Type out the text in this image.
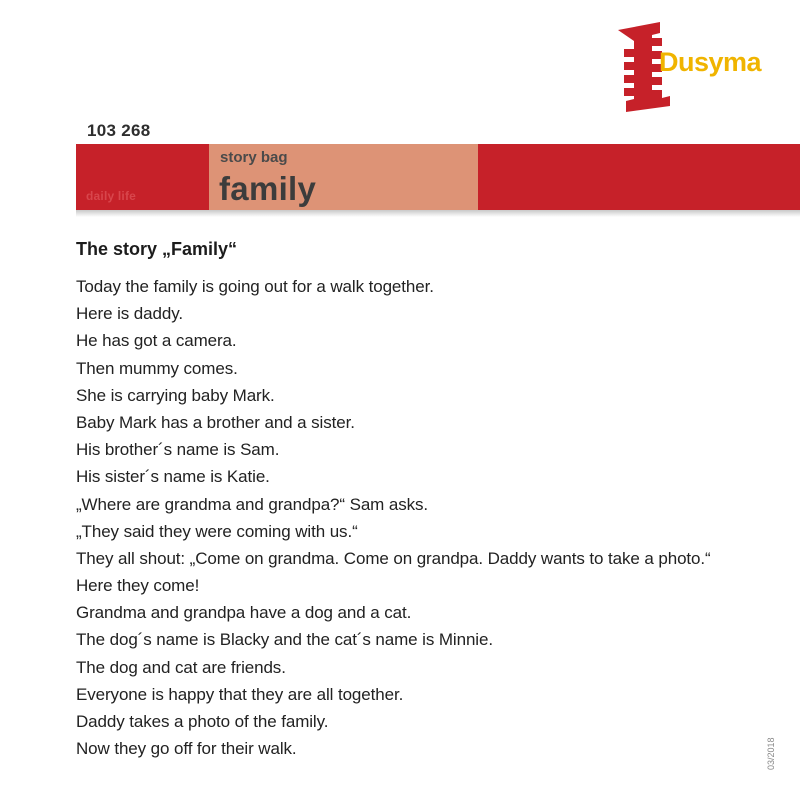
Dusyma
103 268
daily life
story bag
family
The story „Family“
Today the family is going out for a walk together.
Here is daddy.
He has got a camera.
Then mummy comes.
She is carrying baby Mark.
Baby Mark has a brother and a sister.
His brother´s name is Sam.
His sister´s name is Katie.
„Where are grandma and grandpa?“ Sam asks.
„They said they were coming with us.“
They all shout: „Come on grandma. Come on grandpa. Daddy wants to take a photo.“
Here they come!
Grandma and grandpa have a dog and a cat.
The dog´s name is Blacky and the cat´s name is Minnie.
The dog and cat are friends.
Everyone is happy that they are all together.
Daddy takes a photo of the family.
Now they go off for their walk.	03/2018
